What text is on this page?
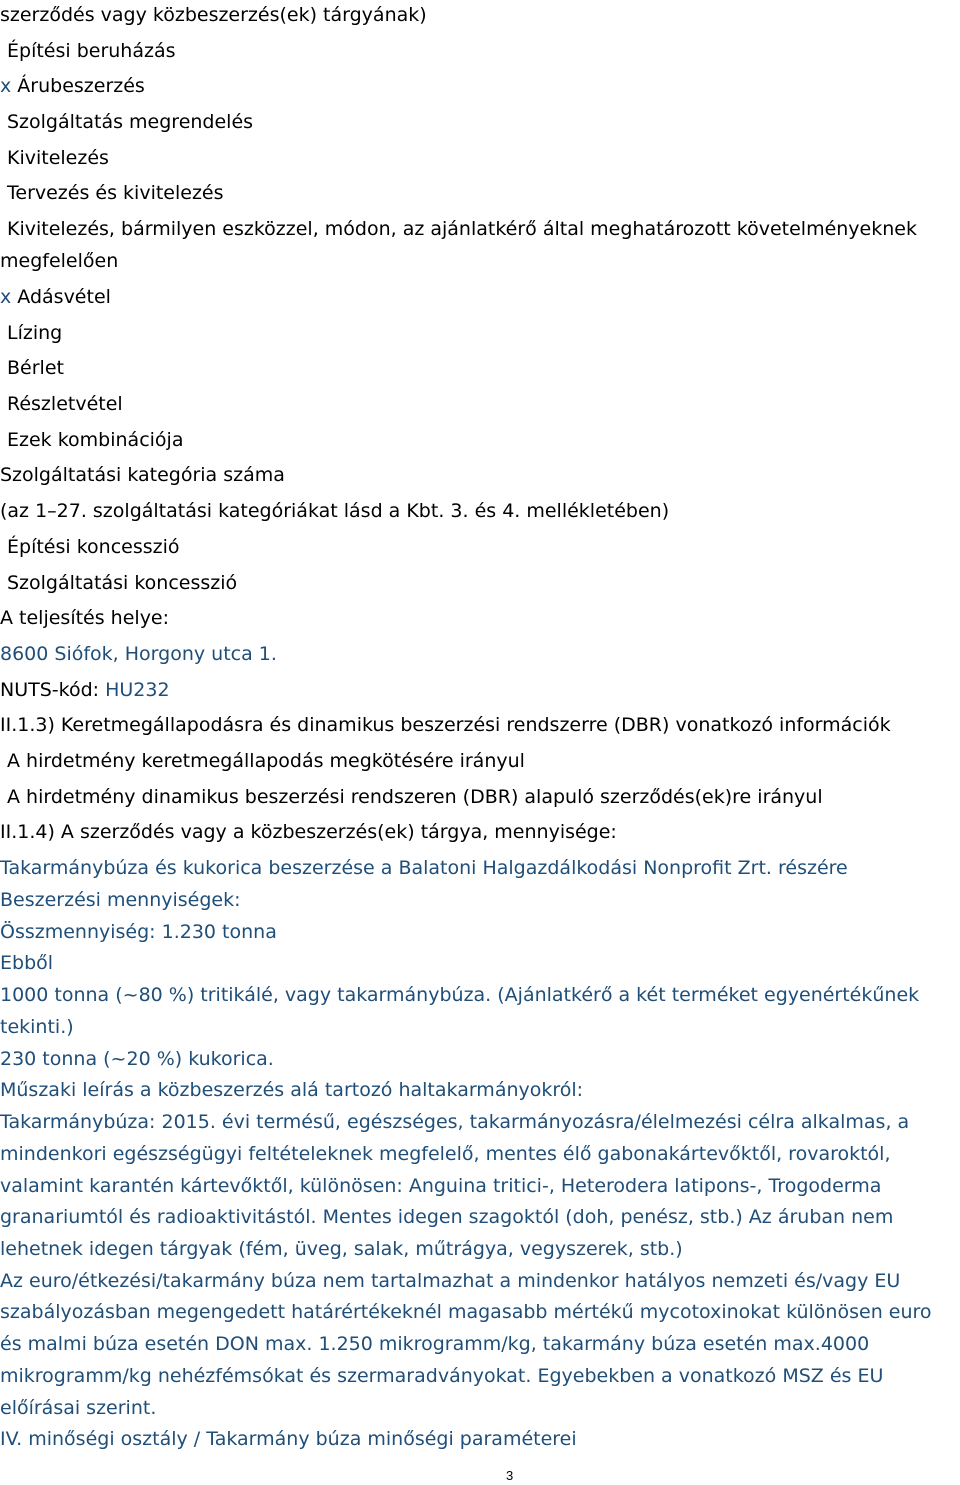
szerződés vagy közbeszerzés(ek) tárgyának)
Építési beruházás
x Árubeszerzés
Szolgáltatás megrendelés
Kivitelezés
Tervezés és kivitelezés
Kivitelezés, bármilyen eszközzel, módon, az ajánlatkérő által meghatározott követelményeknek
megfelelően
x Adásvétel
Lízing
Bérlet
Részletvétel
Ezek kombinációja
Szolgáltatási kategória száma
(az 1–27. szolgáltatási kategóriákat lásd a Kbt. 3. és 4. mellékletében)
Építési koncesszió
Szolgáltatási koncesszió
A teljesítés helye:
8600 Siófok, Horgony utca 1.
NUTS-kód: HU232
II.1.3) Keretmegállapodásra és dinamikus beszerzési rendszerre (DBR) vonatkozó információk
A hirdetmény keretmegállapodás megkötésére irányul
A hirdetmény dinamikus beszerzési rendszeren (DBR) alapuló szerződés(ek)re irányul
II.1.4) A szerződés vagy a közbeszerzés(ek) tárgya, mennyisége:
Takarmánybúza és kukorica beszerzése a Balatoni Halgazdálkodási Nonprofit Zrt. részére
Beszerzési mennyiségek:
Összmennyiség: 1.230 tonna
Ebből
1000 tonna (~80 %) tritikálé, vagy takarmánybúza. (Ajánlatkérő a két terméket egyenértékűnek
tekinti.)
230 tonna (~20 %) kukorica.
Műszaki leírás a közbeszerzés alá tartozó haltakarmányokról:
Takarmánybúza: 2015. évi termésű, egészséges, takarmányozásra/élelmezési célra alkalmas, a
mindenkori egészségügyi feltételeknek megfelelő, mentes élő gabonakártevőktől, rovaroktól,
valamint karantén kártevőktől, különösen: Anguina tritici-, Heterodera latipons-, Trogoderma
granariumtól és radioaktivitástól. Mentes idegen szagoktól (doh, penész, stb.) Az áruban nem
lehetnek idegen tárgyak (fém, üveg, salak, műtrágya, vegyszerek, stb.)
Az euro/étkezési/takarmány búza nem tartalmazhat a mindenkor hatályos nemzeti és/vagy EU
szabályozásban megengedett határértékeknél magasabb mértékű mycotoxinokat különösen euro
és malmi búza esetén DON max. 1.250 mikrogramm/kg, takarmány búza esetén max.4000
mikrogramm/kg nehézfémsókat és szermaradványokat. Egyebekben a vonatkozó MSZ és EU
előírásai szerint.
IV. minőségi osztály / Takarmány búza minőségi paraméterei
3
